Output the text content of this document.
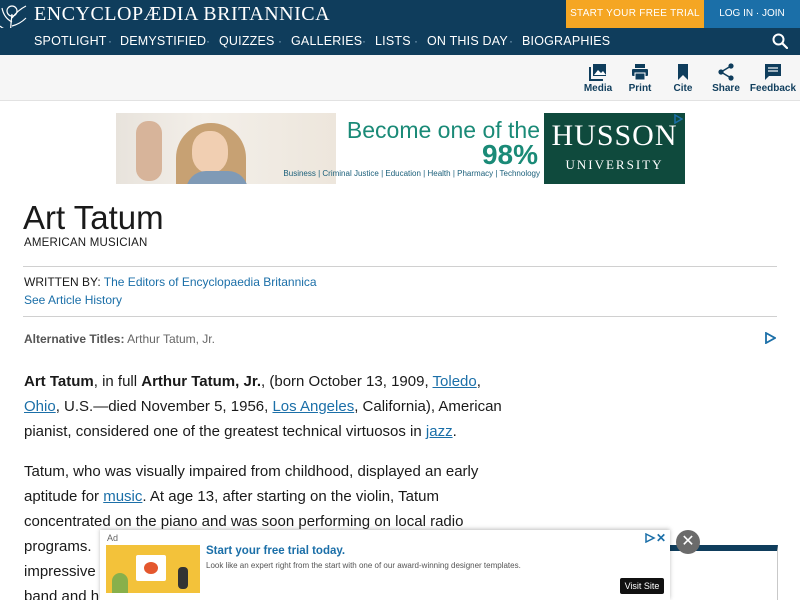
ENCYCLOPÆDIA BRITANNICA	START YOUR FREE TRIAL	LOG IN · JOIN
SPOTLIGHT · DEMYSTIFIED · QUIZZES · GALLERIES · LISTS · ON THIS DAY · BIOGRAPHIES
Media	Print	Cite	Share	Feedback
Become one of the
98%
Business | Criminal Justice | Education | Health | Pharmacy | Technology
HUSSON
UNIVERSITY
Art Tatum
AMERICAN MUSICIAN
WRITTEN BY: The Editors of Encyclopaedia Britannica
See Article History
Alternative Titles: Arthur Tatum, Jr.

Art Tatum, in full Arthur Tatum, Jr., (born October 13, 1909, Toledo,
Ohio, U.S.—died November 5, 1956, Los Angeles, California), American pianist, considered one of the greatest technical virtuosos in jazz.

Tatum, who was visually impaired from childhood, displayed an early aptitude for music. At age 13, after starting on the violin, Tatum concentrated on the piano and was soon performing on local radio programs.
impressive
band and h

Ad
Start your free trial today.
Look like an expert right from the start with one of our award-winning designer templates.
Visit Site
✕ ✕
